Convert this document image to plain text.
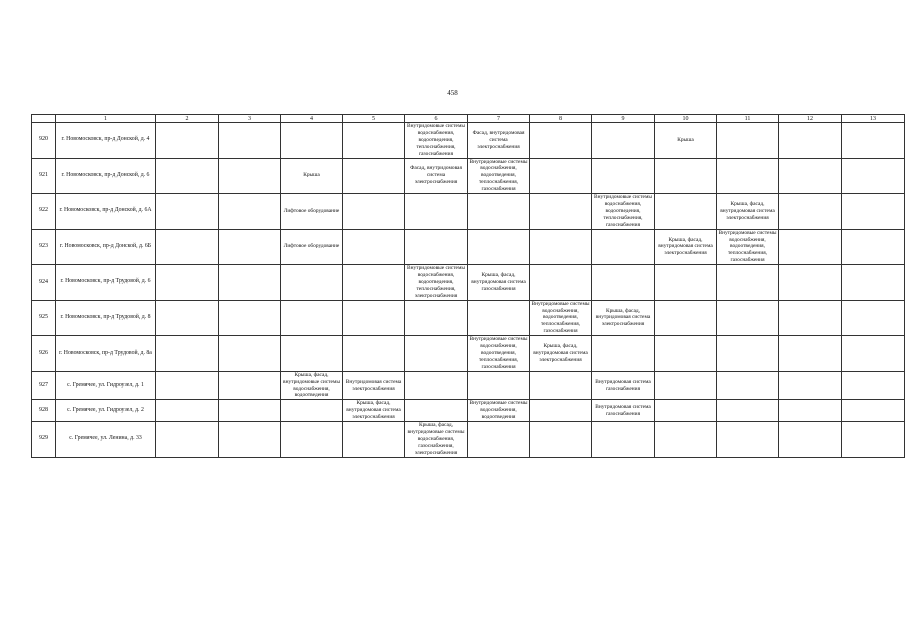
458
	1	2	3	4	5	6	7	8	9	10	11	12	13
920	г. Новомосковск, пр-д Донской, д. 4					Внутридомовые системы водоснабжения, водоотведения, теплоснабжения, газоснабжения	Фасад, внутридомовая система электроснабжения			Крыша			

921	г. Новомосковск, пр-д Донской, д. 6			Крыша		Фасад, внутридомовая система электроснабжения	Внутридомовые системы водоснабжения, водоотведения, теплоснабжения, газоснабжения						

922	г. Новомосковск, пр-д Донской, д. 6А			Лифтовое оборудование					Внутридомовые системы водоснабжения, водоотведения, теплоснабжения, газоснабжения		Крыша, фасад, внутридомовая система электроснабжения		

923	г. Новомосковск, пр-д Донской, д. 6Б			Лифтовое оборудование						Крыша, фасад, внутридомовая система электроснабжения	Внутридомовые системы водоснабжения, водоотведения, теплоснабжения, газоснабжения		

924	г. Новомосковск, пр-д Трудовой, д. 6					Внутридомовые системы водоснабжения, водоотведения, теплоснабжения, электроснабжения	Крыша, фасад, внутридомовая система газоснабжения						

925	г. Новомосковск, пр-д Трудовой, д. 8							Внутридомовые системы водоснабжения, водоотведения, теплоснабжения, газоснабжения	Крыша, фасад, внутридомовая система электроснабжения				

926	г. Новомосковск, пр-д Трудовой, д. 8а						Внутридомовые системы водоснабжения, водоотведения, теплоснабжения, газоснабжения	Крыша, фасад, внутридомовая система электроснабжения					

927	с. Гремячее, ул. Гидроузел, д. 1			Крыша, фасад, внутридомовые системы водоснабжения, водоотведения	Внутридомовая система электроснабжения				Внутридомовая система газоснабжения				

928	с. Гремячее, ул. Гидроузел, д. 2				Крыша, фасад, внутридомовая система электроснабжения		Внутридомовые системы водоснабжения, водоотведения		Внутридомовая система газоснабжения				

929	с. Гремячее, ул. Ленина, д. 33					Крыша, фасад, внутридомовые системы водоснабжения, газоснабжения, электроснабжения							
